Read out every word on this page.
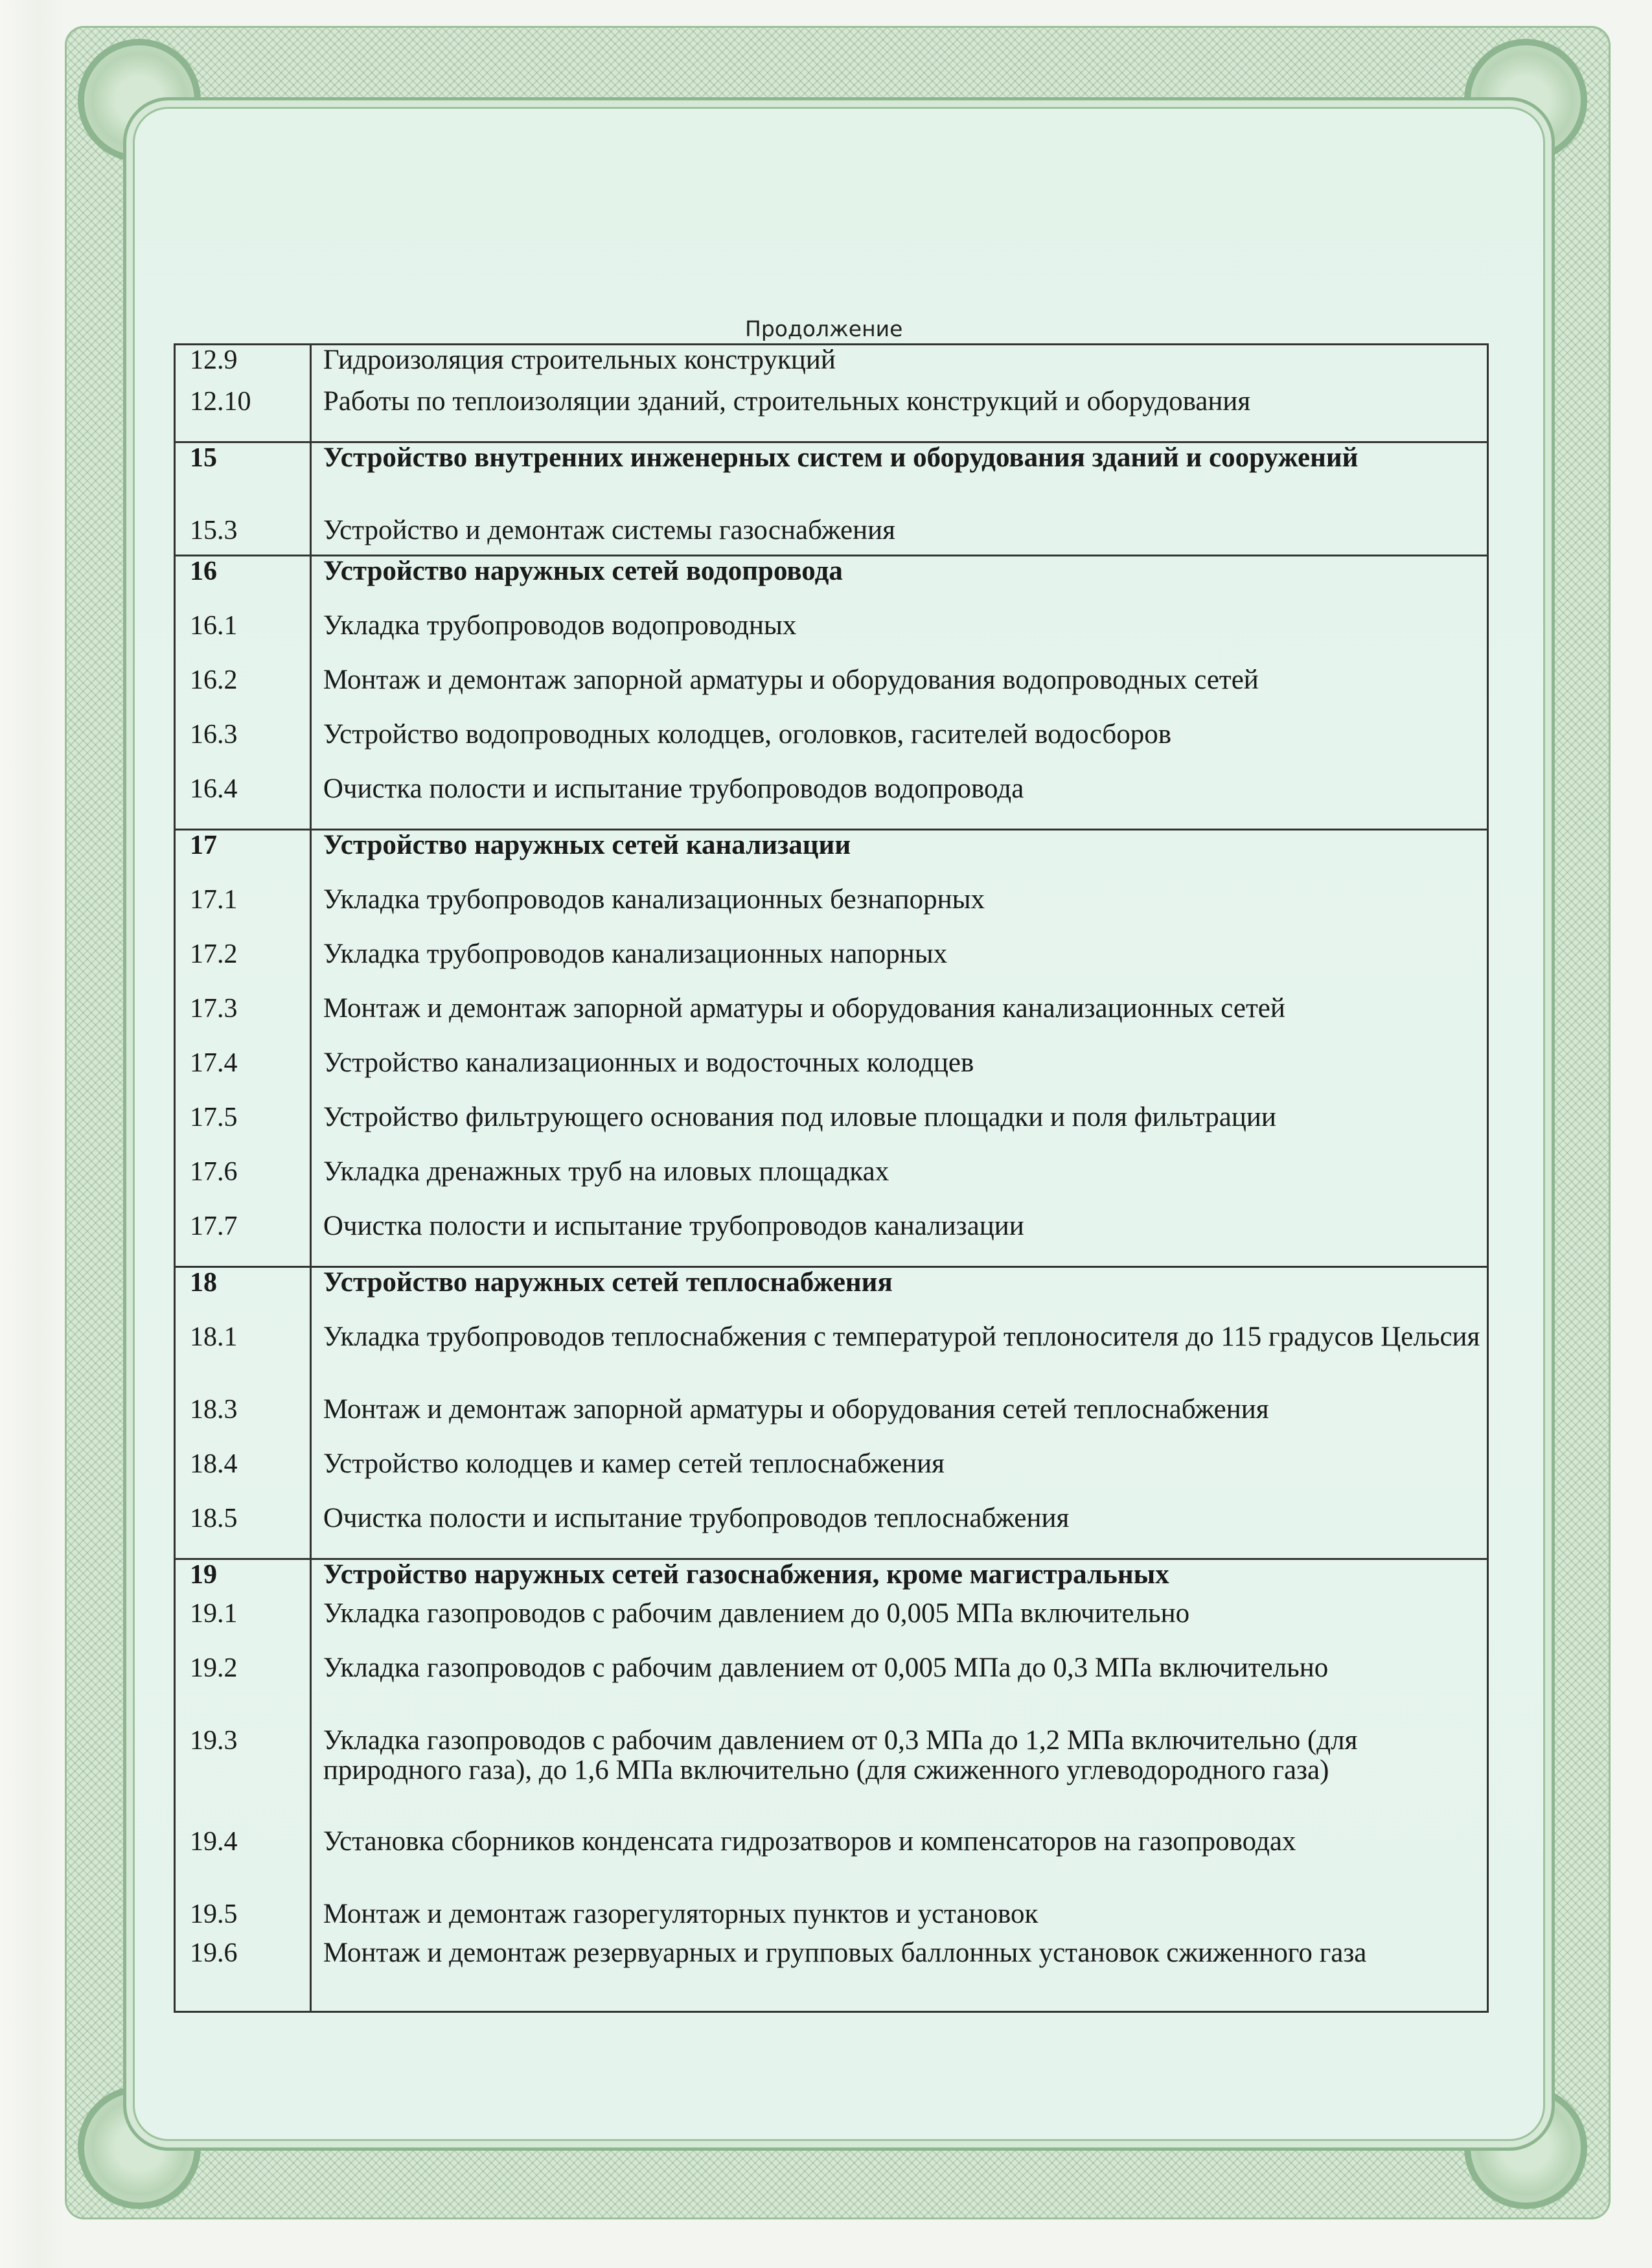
Продолжение
12.9	Гидроизоляция строительных конструкций
12.10	Работы по теплоизоляции зданий, строительных конструкций и оборудования
15	Устройство внутренних инженерных систем и оборудования зданий и сооружений
15.3	Устройство и демонтаж системы газоснабжения
16	Устройство наружных сетей водопровода
16.1	Укладка трубопроводов водопроводных
16.2	Монтаж и демонтаж запорной арматуры и оборудования водопроводных сетей
16.3	Устройство водопроводных колодцев, оголовков, гасителей водосборов
16.4	Очистка полости и испытание трубопроводов водопровода
17	Устройство наружных сетей канализации
17.1	Укладка трубопроводов канализационных безнапорных
17.2	Укладка трубопроводов канализационных напорных
17.3	Монтаж и демонтаж запорной арматуры и оборудования канализационных сетей
17.4	Устройство канализационных и водосточных колодцев
17.5	Устройство фильтрующего основания под иловые площадки и поля фильтрации
17.6	Укладка дренажных труб на иловых площадках
17.7	Очистка полости и испытание трубопроводов канализации
18	Устройство наружных сетей теплоснабжения
18.1	Укладка трубопроводов теплоснабжения с температурой теплоносителя до 115 градусов Цельсия
18.3	Монтаж и демонтаж запорной арматуры и оборудования сетей теплоснабжения
18.4	Устройство колодцев и камер сетей теплоснабжения
18.5	Очистка полости и испытание трубопроводов теплоснабжения
19	Устройство наружных сетей газоснабжения, кроме магистральных
19.1	Укладка газопроводов с рабочим давлением до 0,005 МПа включительно
19.2	Укладка газопроводов с рабочим давлением от 0,005 МПа до 0,3 МПа включительно
19.3	Укладка газопроводов с рабочим давлением от 0,3 МПа до 1,2 МПа включительно (для природного газа), до 1,6 МПа включительно (для сжиженного углеводородного газа)
19.4	Установка сборников конденсата гидрозатворов и компенсаторов на газопроводах
19.5	Монтаж и демонтаж газорегуляторных пунктов и установок
19.6	Монтаж и демонтаж резервуарных и групповых баллонных установок сжиженного газа
